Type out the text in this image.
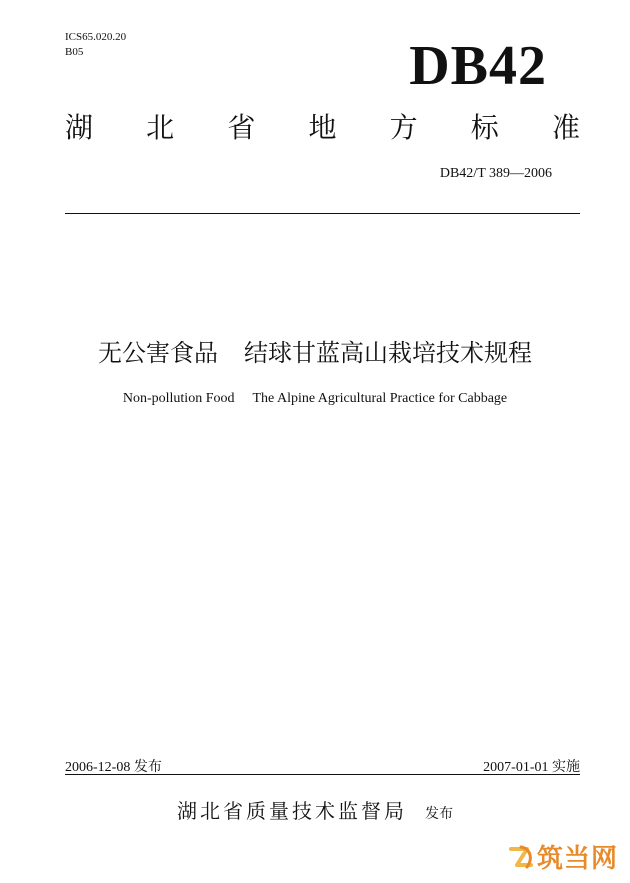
ICS65.020.20
B05	DB42
湖 北 省 地 方 标 准
DB42/T 389—2006
无公害食品 结球甘蓝高山栽培技术规程
Non-pollution Food The Alpine Agricultural Practice for Cabbage
2006-12-08 发布	2007-01-01 实施
湖北省质量技术监督局 发布
筑当网
